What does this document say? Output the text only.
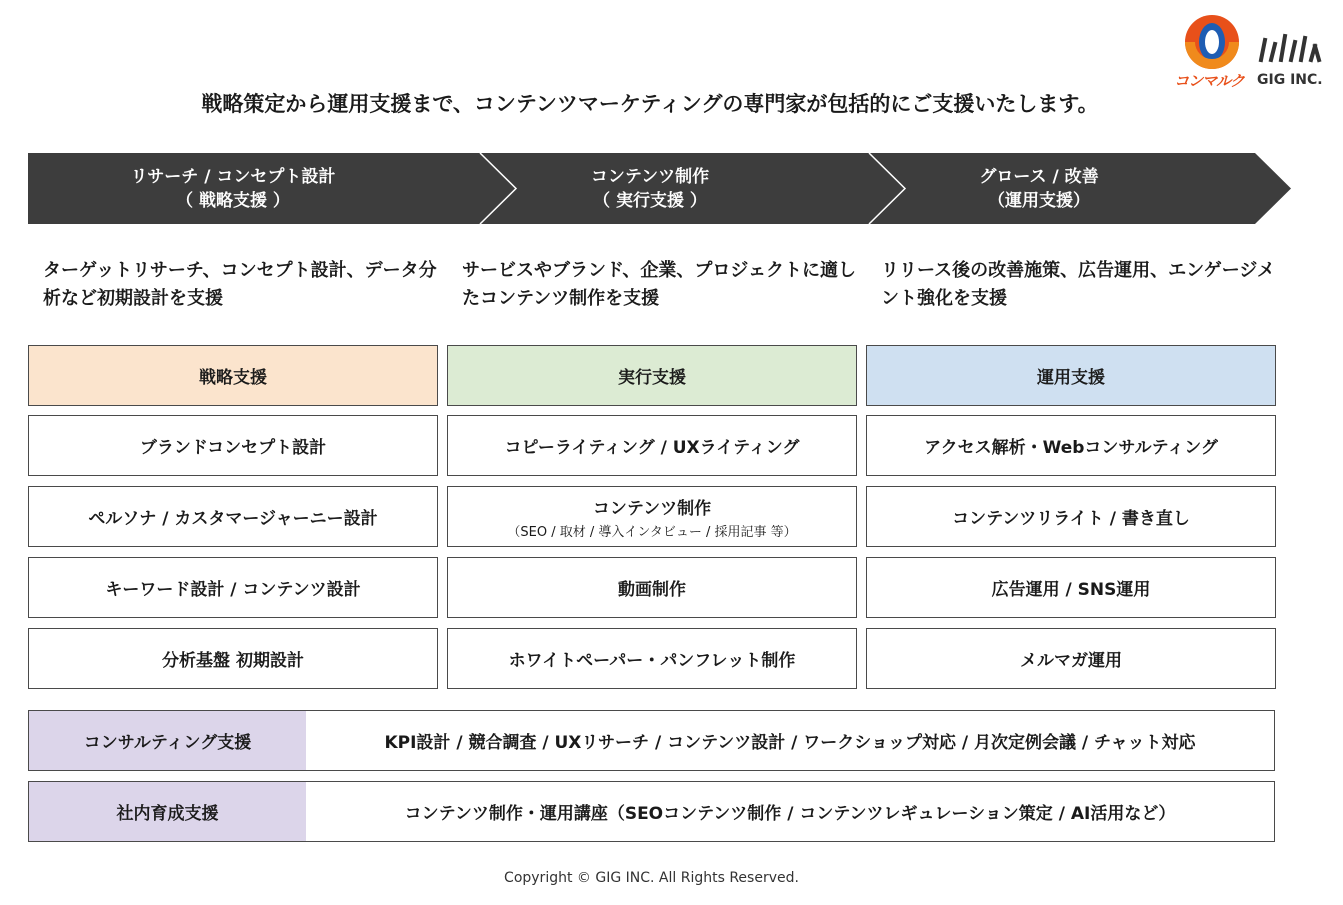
コンマルク GIG INC.
戦略策定から運用支援まで、コンテンツマーケティングの専門家が包括的にご支援いたします。
リサーチ / コンセプト設計
（ 戦略支援 ）
コンテンツ制作
（ 実行支援 ）
グロース / 改善
（運用支援）
ターゲットリサーチ、コンセプト設計、データ分析など初期設計を支援
サービスやブランド、企業、プロジェクトに適したコンテンツ制作を支援
リリース後の改善施策、広告運用、エンゲージメント強化を支援
戦略支援
ブランドコンセプト設計
ペルソナ / カスタマージャーニー設計
キーワード設計 / コンテンツ設計
分析基盤 初期設計
実行支援
コピーライティング / UXライティング
コンテンツ制作
（SEO / 取材 / 導入インタビュー / 採用記事 等）
動画制作
ホワイトペーパー・パンフレット制作
運用支援
アクセス解析・Webコンサルティング
コンテンツリライト / 書き直し
広告運用 / SNS運用
メルマガ運用
コンサルティング支援	KPI設計 / 競合調査 / UXリサーチ / コンテンツ設計 / ワークショップ対応 / 月次定例会議 / チャット対応
社内育成支援	コンテンツ制作・運用講座（SEOコンテンツ制作 / コンテンツレギュレーション策定 / AI活用など）
Copyright © GIG INC. All Rights Reserved.
